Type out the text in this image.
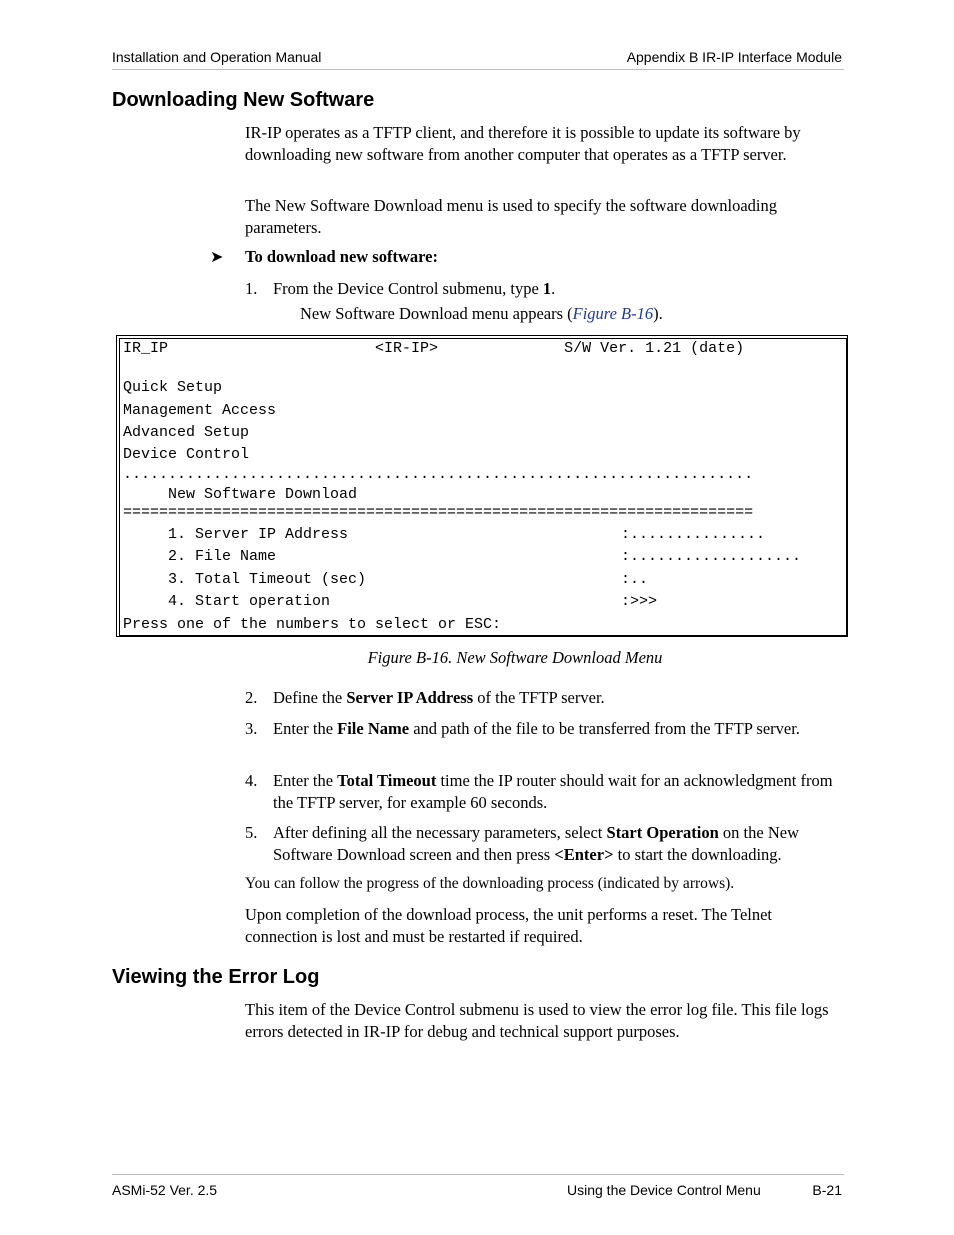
Installation and Operation Manual	Appendix B IR-IP Interface Module
Downloading New Software

IR-IP operates as a TFTP client, and therefore it is possible to update its software by downloading new software from another computer that operates as a TFTP server.

The New Software Download menu is used to specify the software downloading parameters.

➤ To download new software:
1. From the Device Control submenu, type 1.
New Software Download menu appears (Figure B-16).
IR_IP                       <IR-IP>              S/W Ver. 1.21 (date)
Quick Setup
Management Access
Advanced Setup
Device Control
......................................................................
New Software Download
======================================================================
1. Server IP Address	:...............
2. File Name	:...................
3. Total Timeout (sec)	:..
4. Start operation	:>>>
Press one of the numbers to select or ESC:
Figure B-16. New Software Download Menu
2. Define the Server IP Address of the TFTP server.
3. Enter the File Name and path of the file to be transferred from the TFTP server.
4. Enter the Total Timeout time the IP router should wait for an acknowledgment from the TFTP server, for example 60 seconds.
5. After defining all the necessary parameters, select Start Operation on the New Software Download screen and then press <Enter> to start the downloading.

You can follow the progress of the downloading process (indicated by arrows).

Upon completion of the download process, the unit performs a reset. The Telnet connection is lost and must be restarted if required.

Viewing the Error Log

This item of the Device Control submenu is used to view the error log file. This file logs errors detected in IR-IP for debug and technical support purposes.

ASMi-52 Ver. 2.5	Using the Device Control Menu	B-21
